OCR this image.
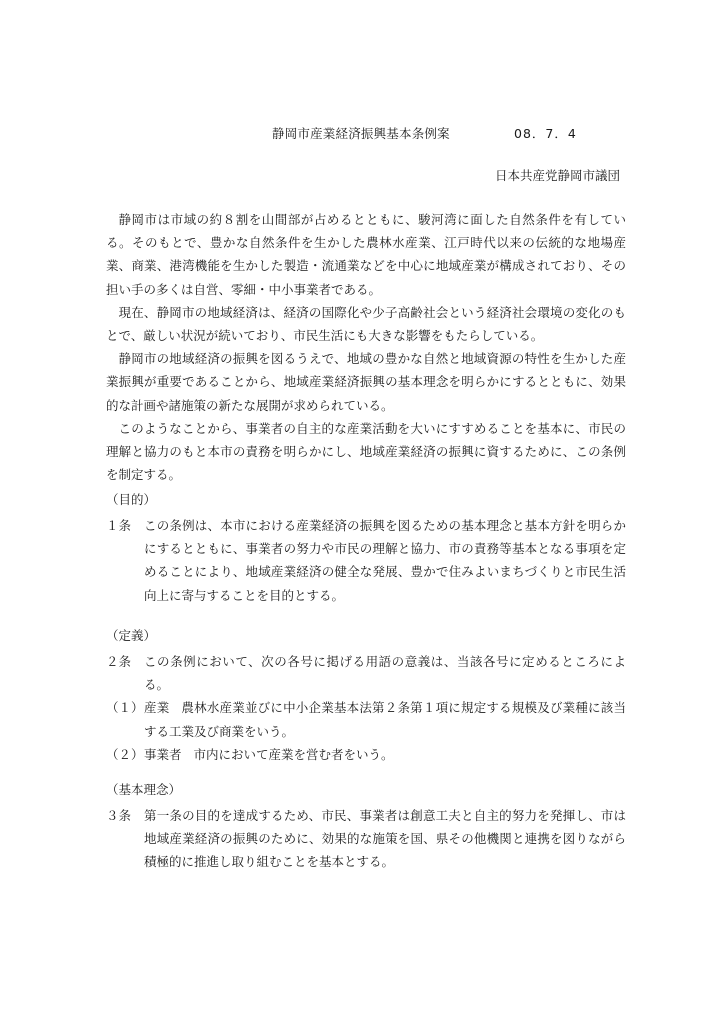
静岡市産業経済振興基本条例案	08．7．4
日本共産党静岡市議団

静岡市は市域の約８割を山間部が占めるとともに、駿河湾に面した自然条件を有している。そのもとで、豊かな自然条件を生かした農林水産業、江戸時代以来の伝統的な地場産業、商業、港湾機能を生かした製造・流通業などを中心に地域産業が構成されており、その担い手の多くは自営、零細・中小事業者である。

現在、静岡市の地域経済は、経済の国際化や少子高齢社会という経済社会環境の変化のもとで、厳しい状況が続いており、市民生活にも大きな影響をもたらしている。

静岡市の地域経済の振興を図るうえで、地域の豊かな自然と地域資源の特性を生かした産業振興が重要であることから、地域産業経済振興の基本理念を明らかにするとともに、効果的な計画や諸施策の新たな展開が求められている。

このようなことから、事業者の自主的な産業活動を大いにすすめることを基本に、市民の理解と協力のもと本市の責務を明らかにし、地域産業経済の振興に資するために、この条例を制定する。

（目的）
１条	この条例は、本市における産業経済の振興を図るための基本理念と基本方針を明らかにするとともに、事業者の努力や市民の理解と協力、市の責務等基本となる事項を定めることにより、地域産業経済の健全な発展、豊かで住みよいまちづくりと市民生活向上に寄与することを目的とする。
（定義）
２条	この条例において、次の各号に掲げる用語の意義は、当該各号に定めるところによる。
（１） 産業 農林水産業並びに中小企業基本法第２条第１項に規定する規模及び業種に該当する工業及び商業をいう。
（２） 事業者 市内において産業を営む者をいう。
（基本理念）
３条	第一条の目的を達成するため、市民、事業者は創意工夫と自主的努力を発揮し、市は地域産業経済の振興のために、効果的な施策を国、県その他機関と連携を図りながら積極的に推進し取り組むことを基本とする。
